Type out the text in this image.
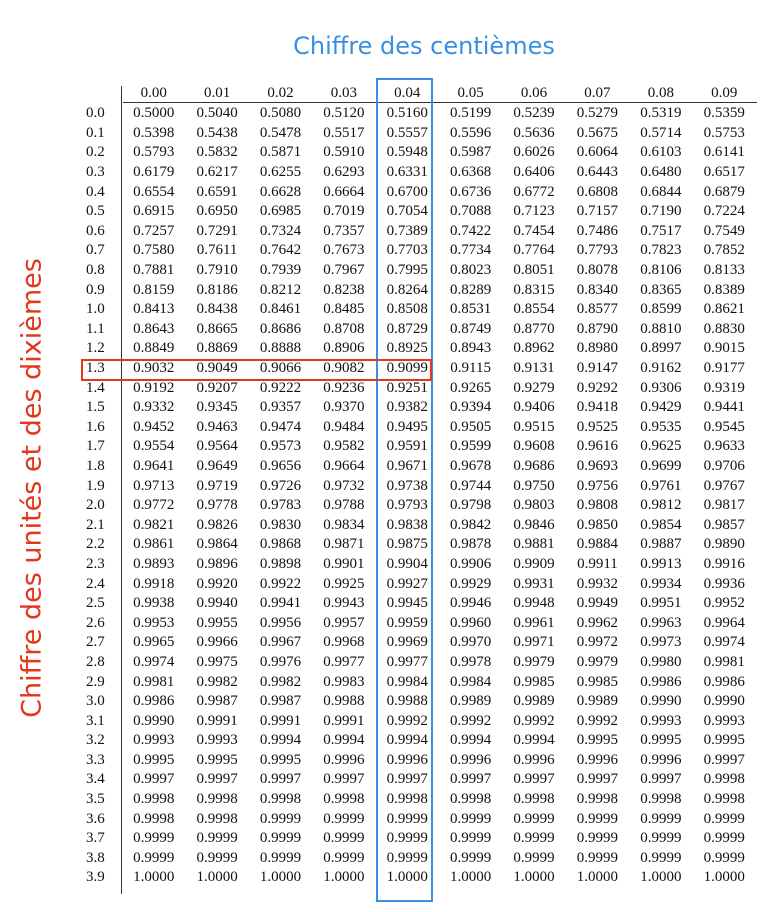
Chiffre des centièmes
Chiffre des unités et des dixièmes
0.00	0.01	0.02	0.03	0.04	0.05	0.06	0.07	0.08	0.09
0.0	0.5000	0.5040	0.5080	0.5120	0.5160	0.5199	0.5239	0.5279	0.5319	0.5359
0.1	0.5398	0.5438	0.5478	0.5517	0.5557	0.5596	0.5636	0.5675	0.5714	0.5753
0.2	0.5793	0.5832	0.5871	0.5910	0.5948	0.5987	0.6026	0.6064	0.6103	0.6141
0.3	0.6179	0.6217	0.6255	0.6293	0.6331	0.6368	0.6406	0.6443	0.6480	0.6517
0.4	0.6554	0.6591	0.6628	0.6664	0.6700	0.6736	0.6772	0.6808	0.6844	0.6879
0.5	0.6915	0.6950	0.6985	0.7019	0.7054	0.7088	0.7123	0.7157	0.7190	0.7224
0.6	0.7257	0.7291	0.7324	0.7357	0.7389	0.7422	0.7454	0.7486	0.7517	0.7549
0.7	0.7580	0.7611	0.7642	0.7673	0.7703	0.7734	0.7764	0.7793	0.7823	0.7852
0.8	0.7881	0.7910	0.7939	0.7967	0.7995	0.8023	0.8051	0.8078	0.8106	0.8133
0.9	0.8159	0.8186	0.8212	0.8238	0.8264	0.8289	0.8315	0.8340	0.8365	0.8389
1.0	0.8413	0.8438	0.8461	0.8485	0.8508	0.8531	0.8554	0.8577	0.8599	0.8621
1.1	0.8643	0.8665	0.8686	0.8708	0.8729	0.8749	0.8770	0.8790	0.8810	0.8830
1.2	0.8849	0.8869	0.8888	0.8906	0.8925	0.8943	0.8962	0.8980	0.8997	0.9015
1.3	0.9032	0.9049	0.9066	0.9082	0.9099	0.9115	0.9131	0.9147	0.9162	0.9177
1.4	0.9192	0.9207	0.9222	0.9236	0.9251	0.9265	0.9279	0.9292	0.9306	0.9319
1.5	0.9332	0.9345	0.9357	0.9370	0.9382	0.9394	0.9406	0.9418	0.9429	0.9441
1.6	0.9452	0.9463	0.9474	0.9484	0.9495	0.9505	0.9515	0.9525	0.9535	0.9545
1.7	0.9554	0.9564	0.9573	0.9582	0.9591	0.9599	0.9608	0.9616	0.9625	0.9633
1.8	0.9641	0.9649	0.9656	0.9664	0.9671	0.9678	0.9686	0.9693	0.9699	0.9706
1.9	0.9713	0.9719	0.9726	0.9732	0.9738	0.9744	0.9750	0.9756	0.9761	0.9767
2.0	0.9772	0.9778	0.9783	0.9788	0.9793	0.9798	0.9803	0.9808	0.9812	0.9817
2.1	0.9821	0.9826	0.9830	0.9834	0.9838	0.9842	0.9846	0.9850	0.9854	0.9857
2.2	0.9861	0.9864	0.9868	0.9871	0.9875	0.9878	0.9881	0.9884	0.9887	0.9890
2.3	0.9893	0.9896	0.9898	0.9901	0.9904	0.9906	0.9909	0.9911	0.9913	0.9916
2.4	0.9918	0.9920	0.9922	0.9925	0.9927	0.9929	0.9931	0.9932	0.9934	0.9936
2.5	0.9938	0.9940	0.9941	0.9943	0.9945	0.9946	0.9948	0.9949	0.9951	0.9952
2.6	0.9953	0.9955	0.9956	0.9957	0.9959	0.9960	0.9961	0.9962	0.9963	0.9964
2.7	0.9965	0.9966	0.9967	0.9968	0.9969	0.9970	0.9971	0.9972	0.9973	0.9974
2.8	0.9974	0.9975	0.9976	0.9977	0.9977	0.9978	0.9979	0.9979	0.9980	0.9981
2.9	0.9981	0.9982	0.9982	0.9983	0.9984	0.9984	0.9985	0.9985	0.9986	0.9986
3.0	0.9986	0.9987	0.9987	0.9988	0.9988	0.9989	0.9989	0.9989	0.9990	0.9990
3.1	0.9990	0.9991	0.9991	0.9991	0.9992	0.9992	0.9992	0.9992	0.9993	0.9993
3.2	0.9993	0.9993	0.9994	0.9994	0.9994	0.9994	0.9994	0.9995	0.9995	0.9995
3.3	0.9995	0.9995	0.9995	0.9996	0.9996	0.9996	0.9996	0.9996	0.9996	0.9997
3.4	0.9997	0.9997	0.9997	0.9997	0.9997	0.9997	0.9997	0.9997	0.9997	0.9998
3.5	0.9998	0.9998	0.9998	0.9998	0.9998	0.9998	0.9998	0.9998	0.9998	0.9998
3.6	0.9998	0.9998	0.9999	0.9999	0.9999	0.9999	0.9999	0.9999	0.9999	0.9999
3.7	0.9999	0.9999	0.9999	0.9999	0.9999	0.9999	0.9999	0.9999	0.9999	0.9999
3.8	0.9999	0.9999	0.9999	0.9999	0.9999	0.9999	0.9999	0.9999	0.9999	0.9999
3.9	1.0000	1.0000	1.0000	1.0000	1.0000	1.0000	1.0000	1.0000	1.0000	1.0000
